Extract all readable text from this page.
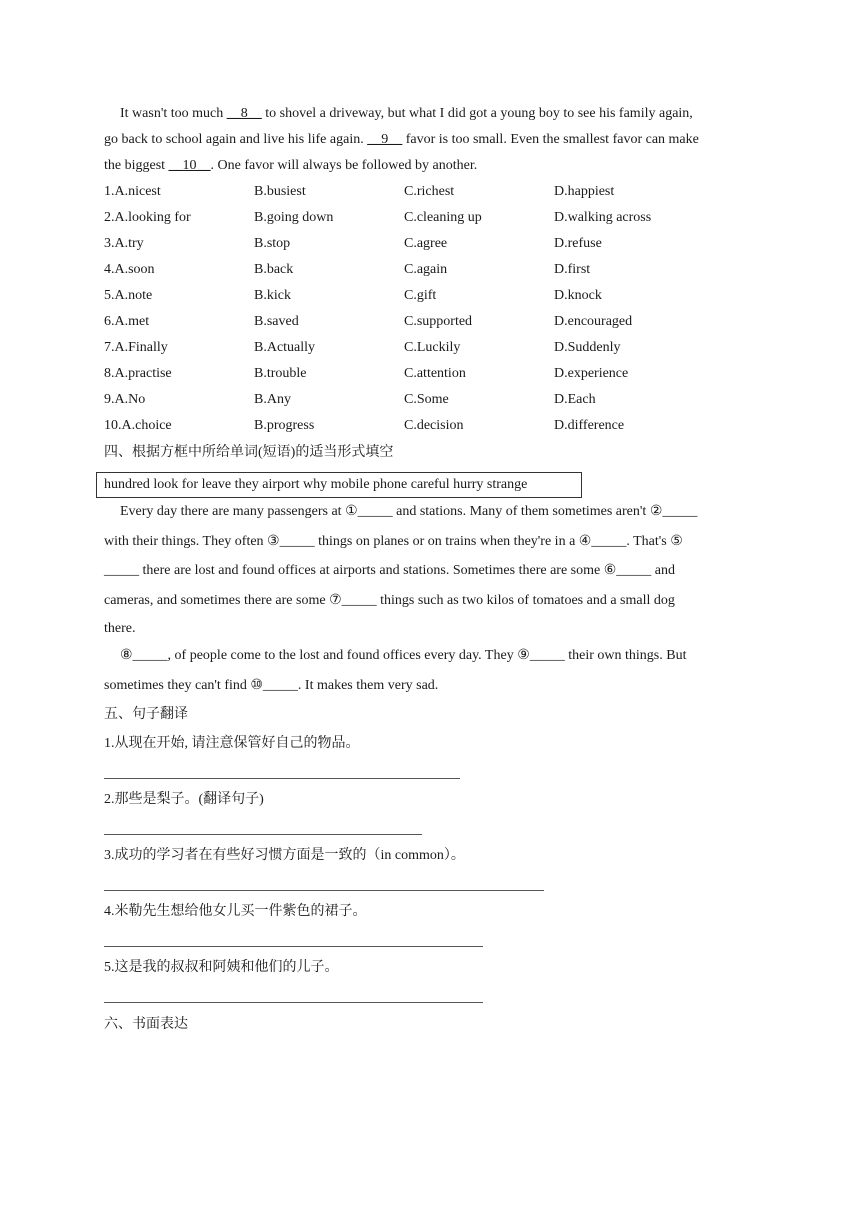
It wasn't too much __8__ to shovel a driveway, but what I did got a young boy to see his family again,
go back to school again and live his life again. __9__ favor is too small. Even the smallest favor can make
the biggest __10__. One favor will always be followed by another.
1.A.nicest	B.busiest	C.richest	D.happiest
2.A.looking for	B.going down	C.cleaning up	D.walking across
3.A.try	B.stop	C.agree	D.refuse
4.A.soon	B.back	C.again	D.first
5.A.note	B.kick	C.gift	D.knock
6.A.met	B.saved	C.supported	D.encouraged
7.A.Finally	B.Actually	C.Luckily	D.Suddenly
8.A.practise	B.trouble	C.attention	D.experience
9.A.No	B.Any	C.Some	D.Each
10.A.choice	B.progress	C.decision	D.difference
四、根据方框中所给单词(短语)的适当形式填空
hundred look for leave they airport why mobile phone careful hurry strange
Every day there are many passengers at ①_____ and stations. Many of them sometimes aren't ②_____
with their things. They often ③_____ things on planes or on trains when they're in a ④_____. That's ⑤
_____ there are lost and found offices at airports and stations. Sometimes there are some ⑥_____ and
cameras, and sometimes there are some ⑦_____ things such as two kilos of tomatoes and a small dog
there.
⑧_____, of people come to the lost and found offices every day. They ⑨_____ their own things. But
sometimes they can't find ⑩_____. It makes them very sad.
五、句子翻译
1.从现在开始, 请注意保管好自己的物品。
2.那些是梨子。(翻译句子)
3.成功的学习者在有些好习惯方面是一致的（in common）。
4.米勒先生想给他女儿买一件紫色的裙子。
5.这是我的叔叔和阿姨和他们的儿子。
六、书面表达
